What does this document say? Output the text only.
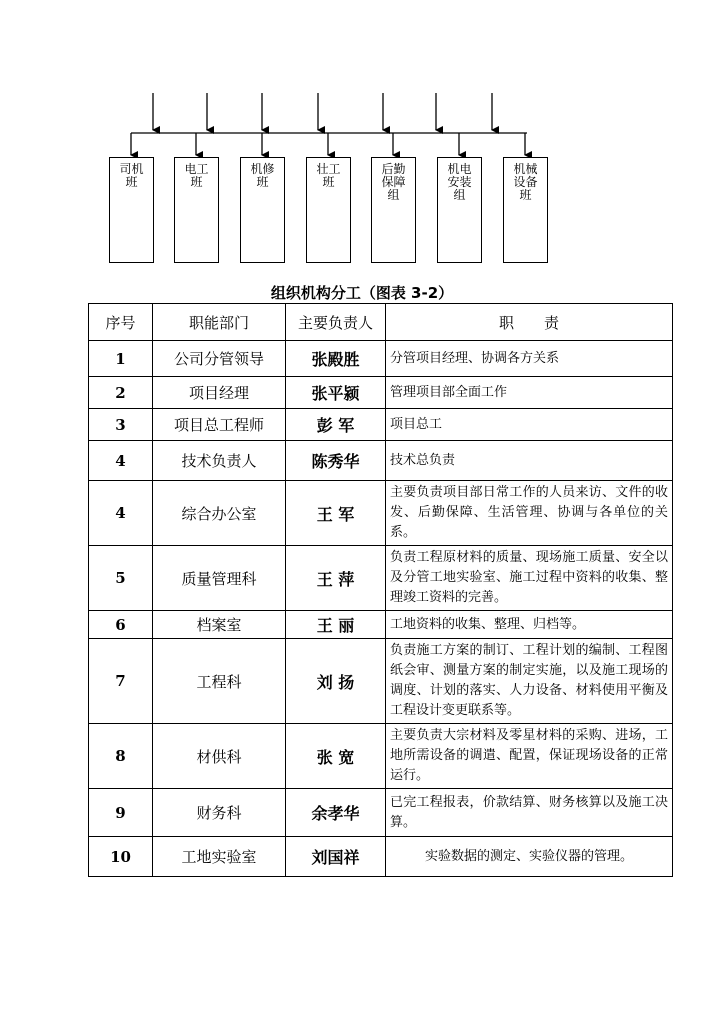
司机
班
电工
班
机修
班
壮工
班
后勤
保障
组
机电
安装
组
机械
设备
班
组织机构分工（图表 3-2）
序号	职能部门	主要负责人	职　　责
1	公司分管领导	张殿胜	分管项目经理、协调各方关系
2	项目经理	张平颍	管理项目部全面工作
3	项目总工程师	彭 军	项目总工
4	技术负责人	陈秀华	技术总负责
4	综合办公室	王 军	主要负责项目部日常工作的人员来访、文件的收发、后勤保障、生活管理、协调与各单位的关系。
5	质量管理科	王 萍	负责工程原材料的质量、现场施工质量、安全以及分管工地实验室、施工过程中资料的收集、整理竣工资料的完善。
6	档案室	王 丽	工地资料的收集、整理、归档等。
7	工程科	刘 扬	负责施工方案的制订、工程计划的编制、工程图纸会审、测量方案的制定实施，以及施工现场的调度、计划的落实、人力设备、材料使用平衡及工程设计变更联系等。
8	材供科	张 宽	主要负责大宗材料及零星材料的采购、进场，工地所需设备的调遣、配置，保证现场设备的正常运行。
9	财务科	余孝华	已完工程报表，价款结算、财务核算以及施工决算。
10	工地实验室	刘国祥	实验数据的测定、实验仪器的管理。
